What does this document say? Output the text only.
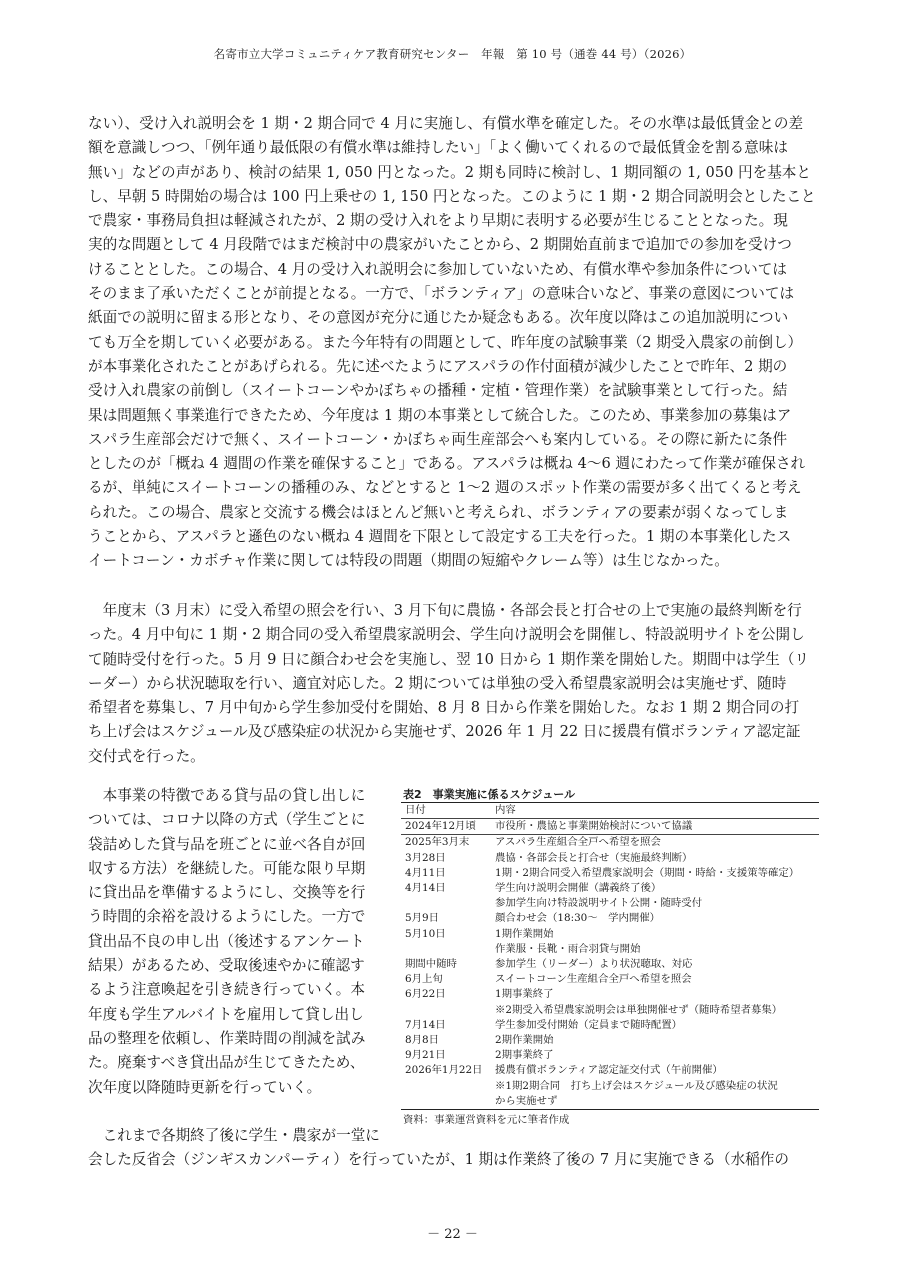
名寄市立大学コミュニティケア教育研究センター　年報　第 10 号（通巻 44 号）（2026）
ない）、受け入れ説明会を 1 期・2 期合同で 4 月に実施し、有償水準を確定した。その水準は最低賃金との差
額を意識しつつ、「例年通り最低限の有償水準は維持したい」「よく働いてくれるので最低賃金を割る意味は
無い」などの声があり、検討の結果 1, 050 円となった。2 期も同時に検討し、1 期同額の 1, 050 円を基本と
し、早朝 5 時開始の場合は 100 円上乗せの 1, 150 円となった。このように 1 期・2 期合同説明会としたこと
で農家・事務局負担は軽減されたが、2 期の受け入れをより早期に表明する必要が生じることとなった。現
実的な問題として 4 月段階ではまだ検討中の農家がいたことから、2 期開始直前まで追加での参加を受けつ
けることとした。この場合、4 月の受け入れ説明会に参加していないため、有償水準や参加条件については
そのまま了承いただくことが前提となる。一方で、「ボランティア」の意味合いなど、事業の意図については
紙面での説明に留まる形となり、その意図が充分に通じたか疑念もある。次年度以降はこの追加説明につい
ても万全を期していく必要がある。また今年特有の問題として、昨年度の試験事業（2 期受入農家の前倒し）
が本事業化されたことがあげられる。先に述べたようにアスパラの作付面積が減少したことで昨年、2 期の
受け入れ農家の前倒し（スイートコーンやかぼちゃの播種・定植・管理作業）を試験事業として行った。結
果は問題無く事業進行できたため、今年度は 1 期の本事業として統合した。このため、事業参加の募集はア
スパラ生産部会だけで無く、スイートコーン・かぼちゃ両生産部会へも案内している。その際に新たに条件
としたのが「概ね 4 週間の作業を確保すること」である。アスパラは概ね 4〜6 週にわたって作業が確保され
るが、単純にスイートコーンの播種のみ、などとすると 1〜2 週のスポット作業の需要が多く出てくると考え
られた。この場合、農家と交流する機会はほとんど無いと考えられ、ボランティアの要素が弱くなってしま
うことから、アスパラと遜色のない概ね 4 週間を下限として設定する工夫を行った。1 期の本事業化したス
イートコーン・カボチャ作業に関しては特段の問題（期間の短縮やクレーム等）は生じなかった。
　年度末（3 月末）に受入希望の照会を行い、3 月下旬に農協・各部会長と打合せの上で実施の最終判断を行
った。4 月中旬に 1 期・2 期合同の受入希望農家説明会、学生向け説明会を開催し、特設説明サイトを公開し
て随時受付を行った。5 月 9 日に顔合わせ会を実施し、翌 10 日から 1 期作業を開始した。期間中は学生（リ
ーダー）から状況聴取を行い、適宜対応した。2 期については単独の受入希望農家説明会は実施せず、随時
希望者を募集し、7 月中旬から学生参加受付を開始、8 月 8 日から作業を開始した。なお 1 期 2 期合同の打
ち上げ会はスケジュール及び感染症の状況から実施せず、2026 年 1 月 22 日に援農有償ボランティア認定証
交付式を行った。
　本事業の特徴である貸与品の貸し出しに
ついては、コロナ以降の方式（学生ごとに
袋詰めした貸与品を班ごとに並べ各自が回
収する方法）を継続した。可能な限り早期
に貸出品を準備するようにし、交換等を行
う時間的余裕を設けるようにした。一方で
貸出品不良の申し出（後述するアンケート
結果）があるため、受取後速やかに確認す
るよう注意喚起を引き続き行っていく。本
年度も学生アルバイトを雇用して貸し出し
品の整理を依頼し、作業時間の削減を試み
た。廃棄すべき貸出品が生じてきたため、
次年度以降随時更新を行っていく。
表2　事業実施に係るスケジュール
日付	内容

2024年12月頃	市役所・農協と事業開始検討について協議

2025年3月末	アスパラ生産組合全戸へ希望を照会
3月28日	農協・各部会長と打合せ（実施最終判断）
4月11日	1期・2期合同受入希望農家説明会（期間・時給・支援策等確定）
4月14日	学生向け説明会開催（講義終了後）
	参加学生向け特設説明サイト公開・随時受付
5月9日	顔合わせ会（18:30～　学内開催）
5月10日	1期作業開始
	作業服・長靴・雨合羽貸与開始
期間中随時	参加学生（リーダー）より状況聴取、対応
6月上旬	スイートコーン生産組合全戸へ希望を照会
6月22日	1期事業終了
	※2期受入希望農家説明会は単独開催せず（随時希望者募集）
7月14日	学生参加受付開始（定員まで随時配置）
8月8日	2期作業開始
9月21日	2期事業終了
2026年1月22日	援農有償ボランティア認定証交付式（午前開催）
	※1期2期合同　打ち上げ会はスケジュール及び感染症の状況
	から実施せず
資料：事業運営資料を元に筆者作成
　これまで各期終了後に学生・農家が一堂に
会した反省会（ジンギスカンパーティ）を行っていたが、1 期は作業終了後の 7 月に実施できる（水稲作の
－ 22 －
